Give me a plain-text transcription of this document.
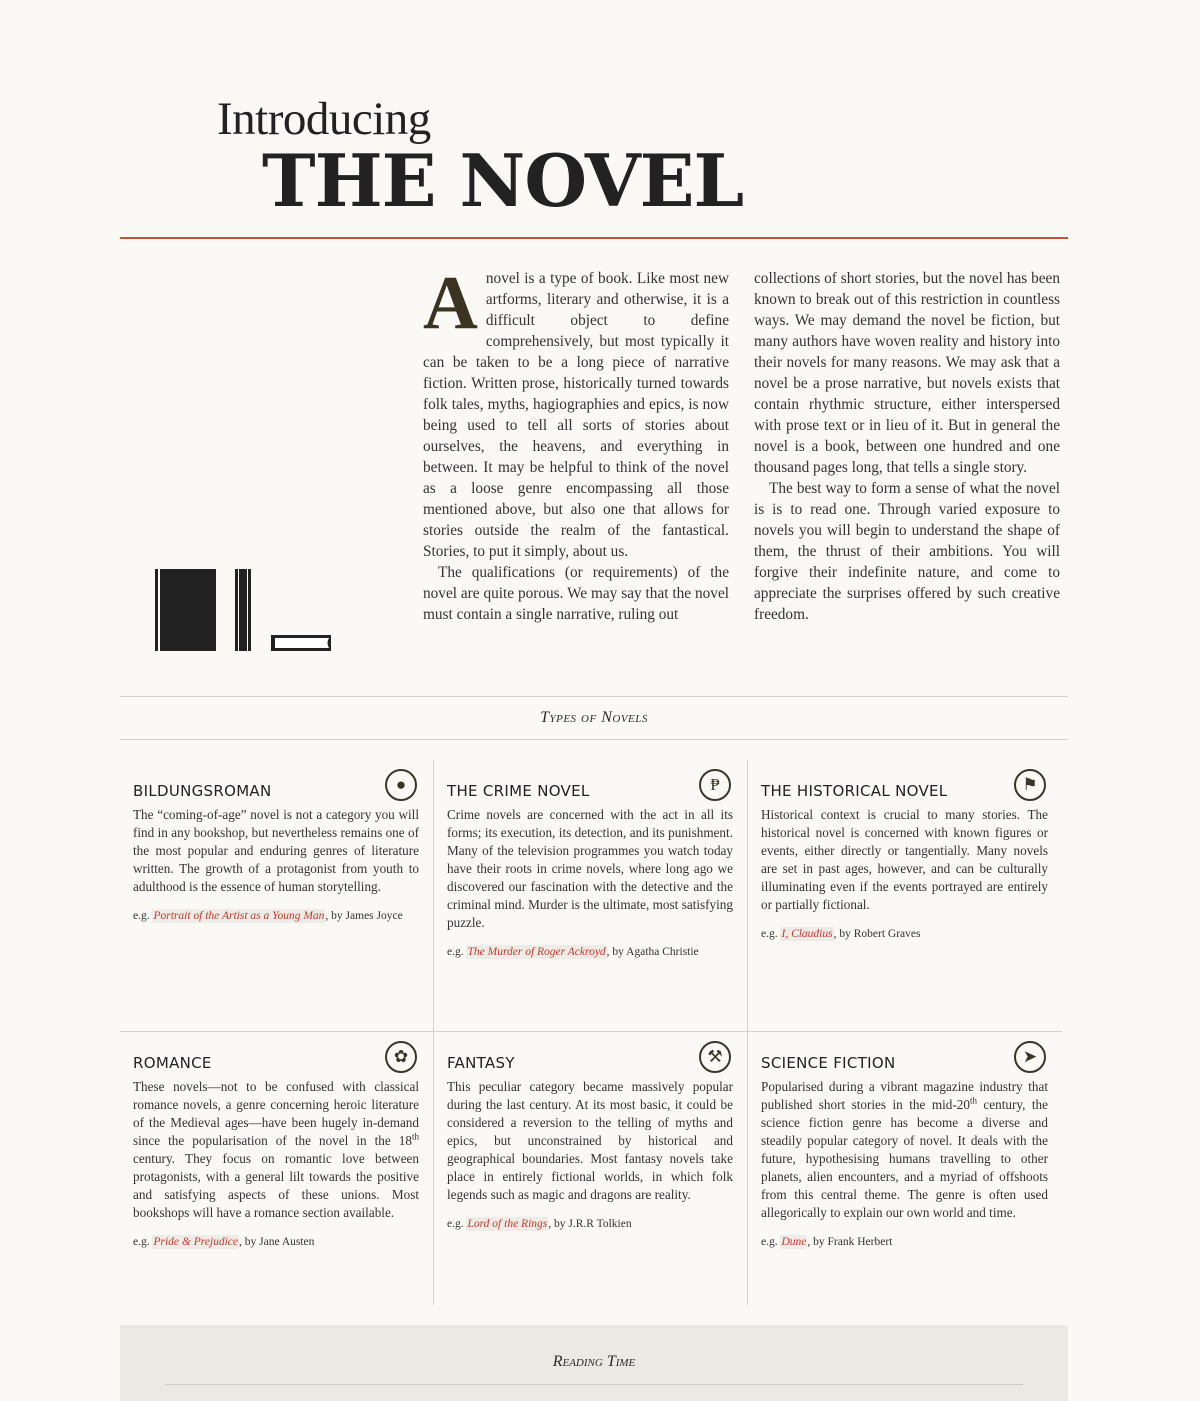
Introducing
THE NOVEL

Anovel is a type of book. Like most new artforms, literary and otherwise, it is a difficult object to define comprehensively, but most typically it can be taken to be a long piece of narrative fiction. Written prose, historically turned towards folk tales, myths, hagiographies and epics, is now being used to tell all sorts of stories about ourselves, the heavens, and everything in between. It may be helpful to think of the novel as a loose genre encompassing all those mentioned above, but also one that allows for stories outside the realm of the fantastical. Stories, to put it simply, about us.

The qualifications (or requirements) of the novel are quite porous. We may say that the novel must contain a single narrative, ruling out

collections of short stories, but the novel has been known to break out of this restriction in countless ways. We may demand the novel be fiction, but many authors have woven reality and history into their novels for many reasons. We may ask that a novel be a prose narrative, but novels exists that contain rhythmic structure, either interspersed with prose text or in lieu of it. But in general the novel is a book, between one hundred and one thousand pages long, that tells a single story.

The best way to form a sense of what the novel is is to read one. Through varied exposure to novels you will begin to understand the shape of them, the thrust of their ambitions. You will forgive their indefinite nature, and come to appreciate the surprises offered by such creative freedom.

Types of Novels
●
BILDUNGSROMAN

The “coming-of-age” novel is not a category you will find in any bookshop, but nevertheless remains one of the most popular and enduring genres of literature written. The growth of a protagonist from youth to adulthood is the essence of human storytelling.

e.g. Portrait of the Artist as a Young Man, by James Joyce

₱
THE CRIME NOVEL

Crime novels are concerned with the act in all its forms; its execution, its detection, and its punishment. Many of the television programmes you watch today have their roots in crime novels, where long ago we discovered our fascination with the detective and the criminal mind. Murder is the ultimate, most satisfying puzzle.

e.g. The Murder of Roger Ackroyd, by Agatha Christie

⚑
THE HISTORICAL NOVEL

Historical context is crucial to many stories. The historical novel is concerned with known figures or events, either directly or tangentially. Many novels are set in past ages, however, and can be culturally illuminating even if the events portrayed are entirely or partially fictional.

e.g. I, Claudius, by Robert Graves

✿
ROMANCE

These novels—not to be confused with classical romance novels, a genre concerning heroic literature of the Medieval ages—have been hugely in-demand since the popularisation of the novel in the 18th century. They focus on romantic love between protagonists, with a general lilt towards the positive and satisfying aspects of these unions. Most bookshops will have a romance section available.

e.g. Pride & Prejudice, by Jane Austen

⚒
FANTASY

This peculiar category became massively popular during the last century. At its most basic, it could be considered a reversion to the telling of myths and epics, but unconstrained by historical and geographical boundaries. Most fantasy novels take place in entirely fictional worlds, in which folk legends such as magic and dragons are reality.

e.g. Lord of the Rings, by J.R.R Tolkien

➤
SCIENCE FICTION

Popularised during a vibrant magazine industry that published short stories in the mid-20th century, the science fiction genre has become a diverse and steadily popular category of novel. It deals with the future, hypothesising humans travelling to other planets, alien encounters, and a myriad of offshoots from this central theme. The genre is often used allegorically to explain our own world and time.

e.g. Dune, by Frank Herbert

Reading Time
